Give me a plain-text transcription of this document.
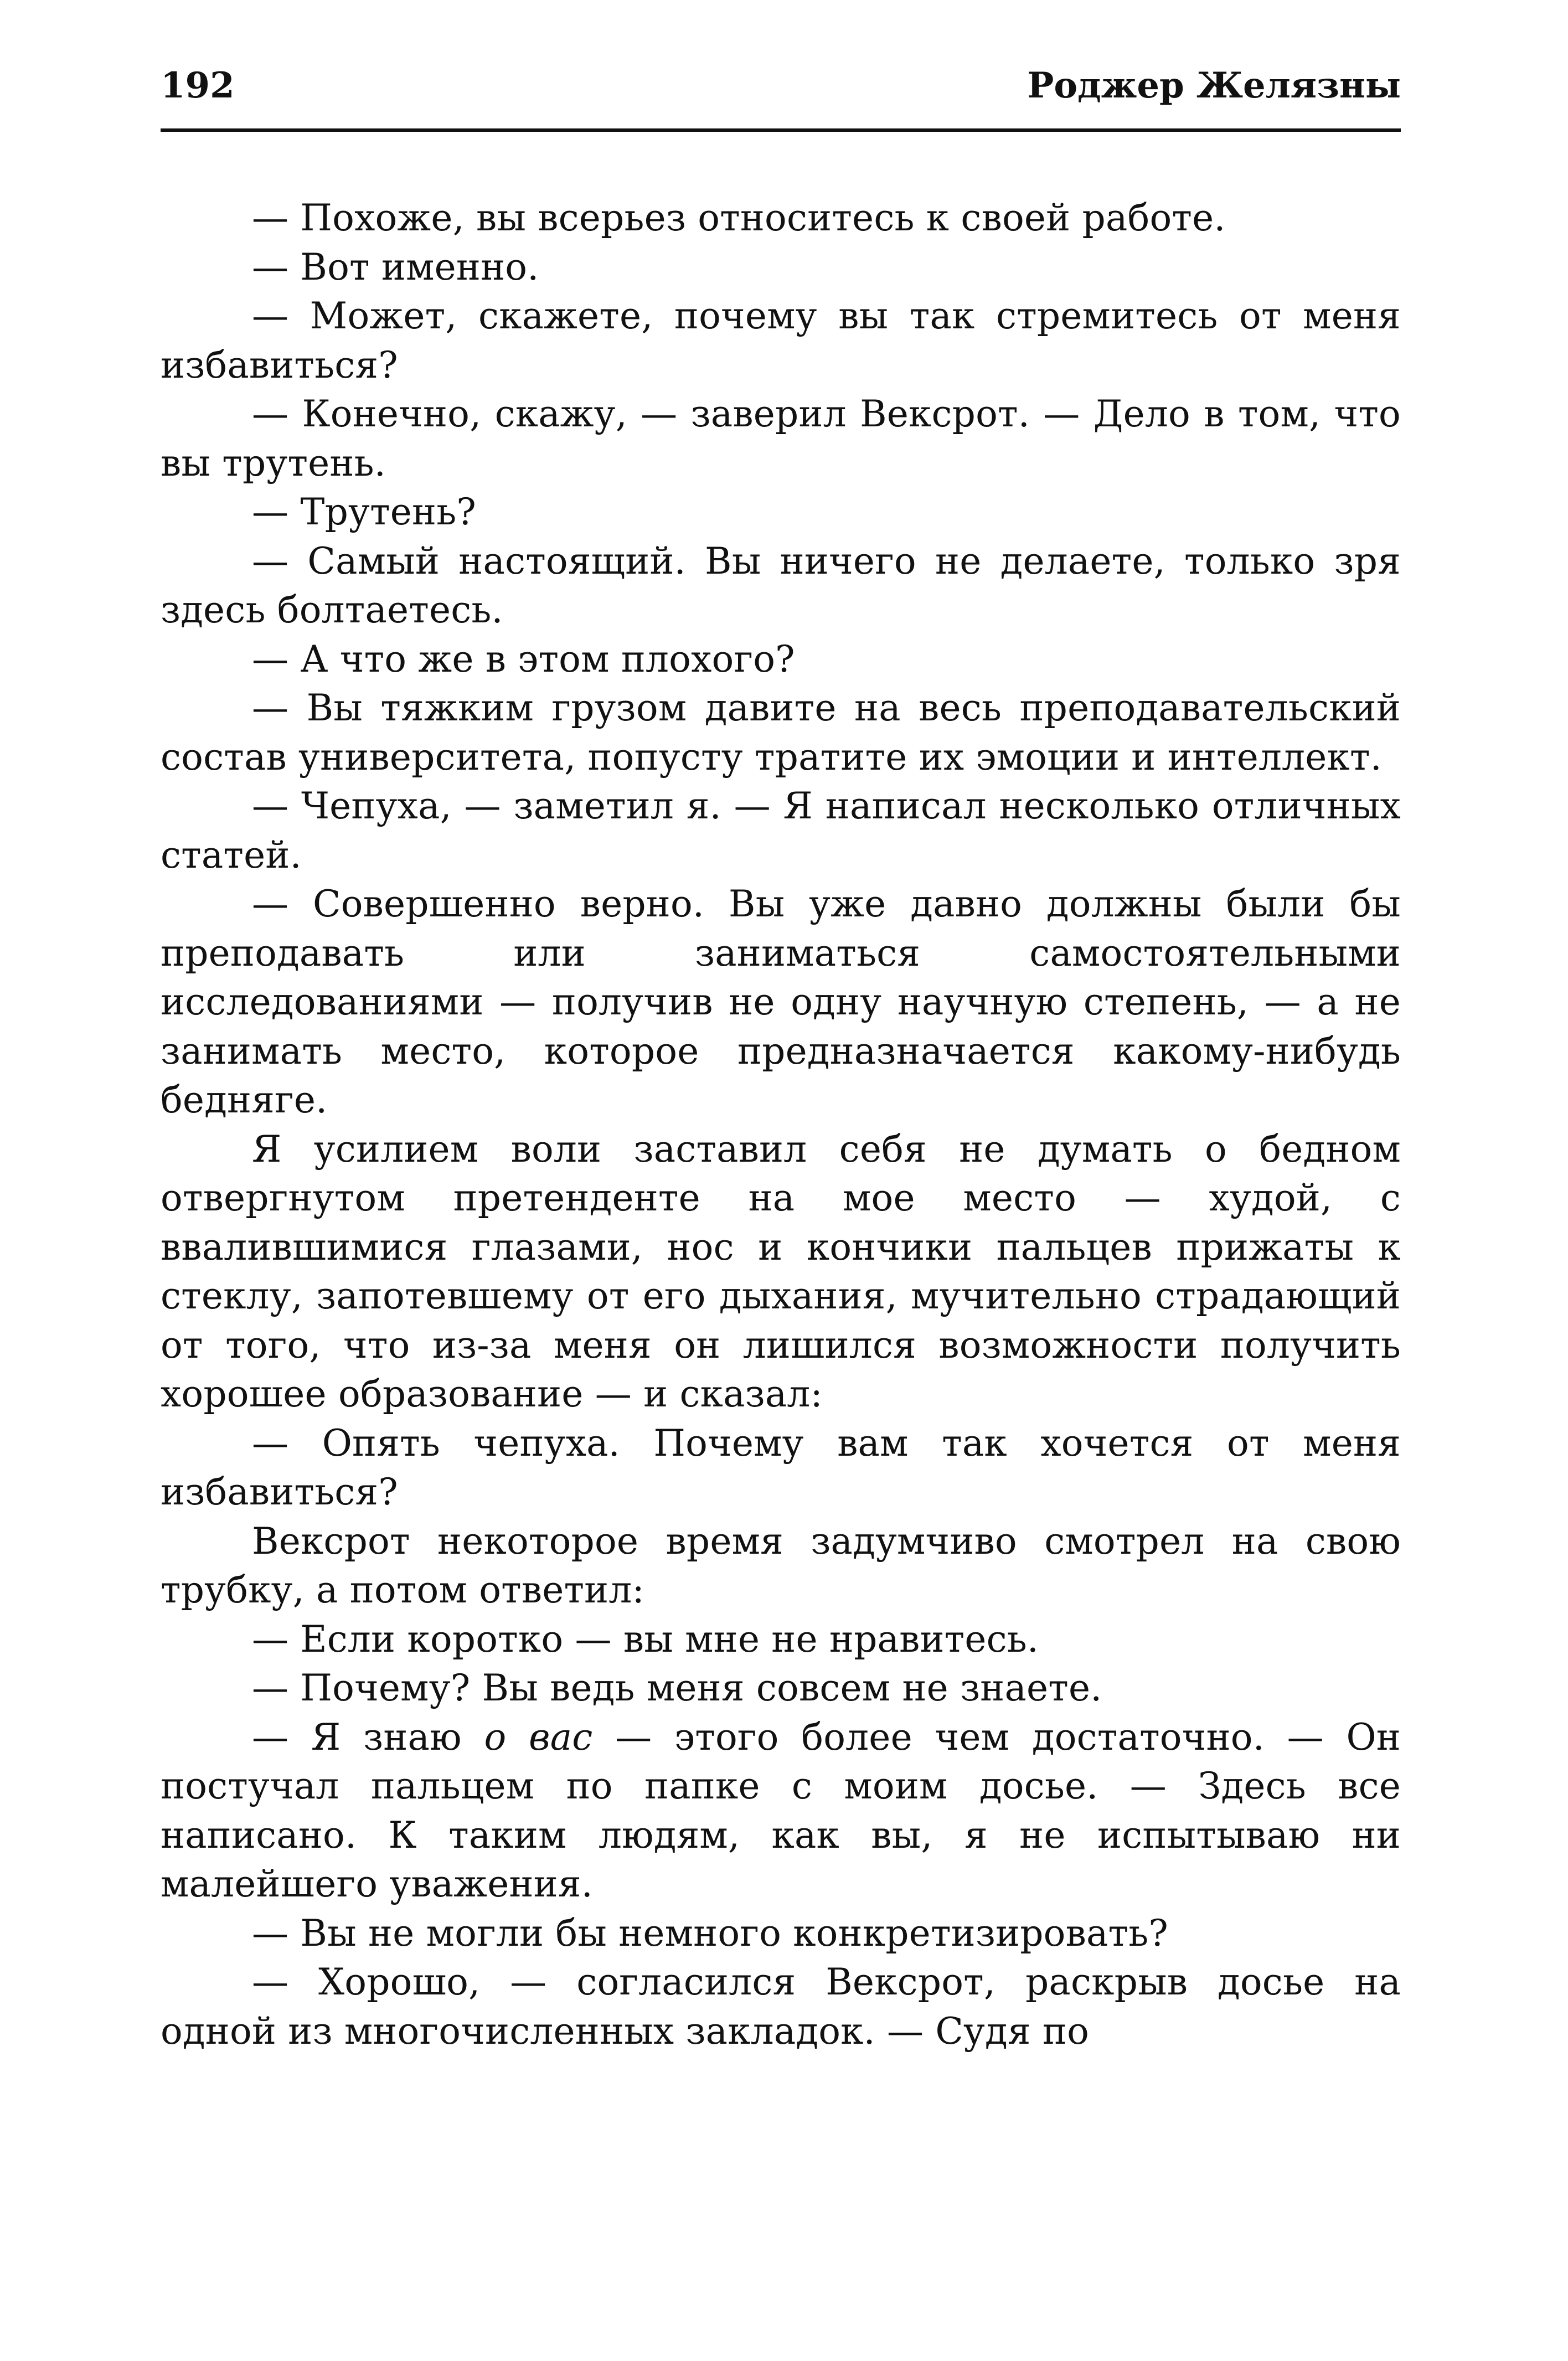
192	Роджер Желязны

— Похоже, вы всерьез относитесь к своей работе.

— Вот именно.

— Может, скажете, почему вы так стремитесь от меня избавиться?

— Конечно, скажу, — заверил Вексрот. — Дело в том, что вы трутень.

— Трутень?

— Самый настоящий. Вы ничего не делаете, только зря здесь болтаетесь.

— А что же в этом плохого?

— Вы тяжким грузом давите на весь преподавательский состав университета, попусту тратите их эмоции и интеллект.

— Чепуха, — заметил я. — Я написал несколько отличных статей.

— Совершенно верно. Вы уже давно должны были бы преподавать или заниматься самостоятельными исследованиями — получив не одну научную степень, — а не занимать место, которое предназначается какому-нибудь бедняге.

Я усилием воли заставил себя не думать о бедном отвергнутом претенденте на мое место — худой, с ввалившимися глазами, нос и кончики пальцев прижаты к стеклу, запотевшему от его дыхания, мучительно страдающий от того, что из-за меня он лишился возможности получить хорошее образование — и сказал:

— Опять чепуха. Почему вам так хочется от меня избавиться?

Вексрот некоторое время задумчиво смотрел на свою трубку, а потом ответил:

— Если коротко — вы мне не нравитесь.

— Почему? Вы ведь меня совсем не знаете.

— Я знаю о вас — этого более чем достаточно. — Он постучал пальцем по папке с моим досье. — Здесь все написано. К таким людям, как вы, я не испытываю ни малейшего уважения.

— Вы не могли бы немного конкретизировать?

— Хорошо, — согласился Вексрот, раскрыв досье на одной из многочисленных закладок. — Судя по
